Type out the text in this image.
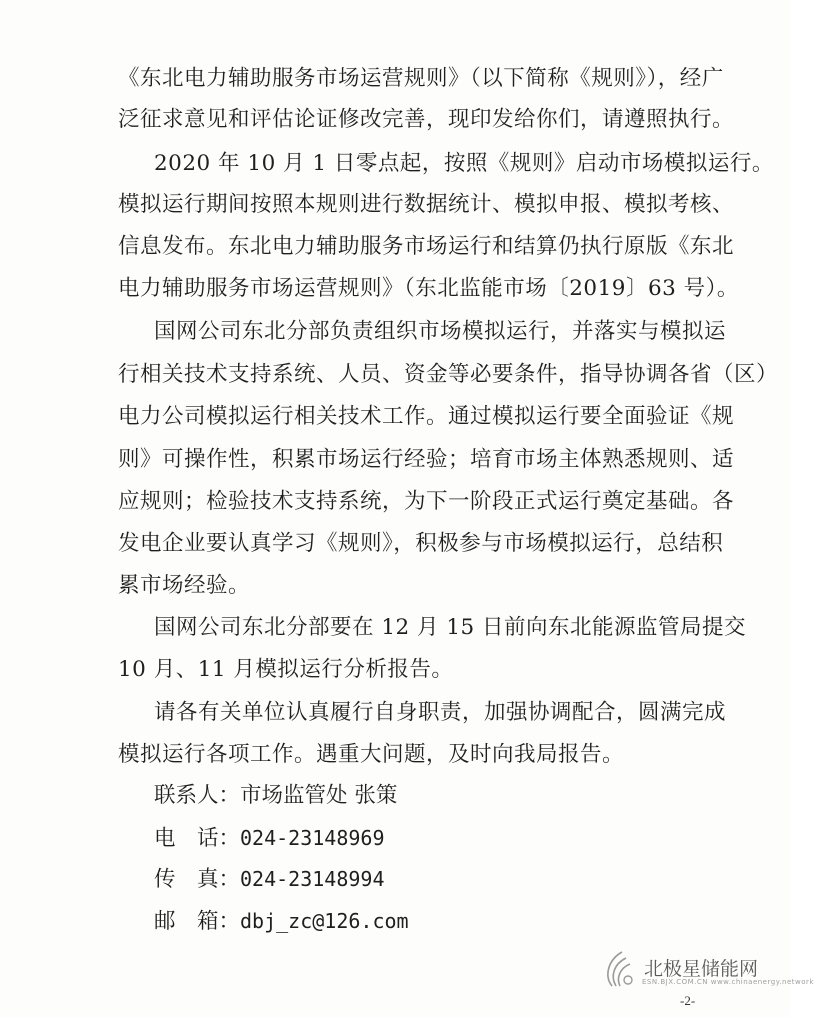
《东北电力辅助服务市场运营规则》（以下简称《规则》），经广
泛征求意见和评估论证修改完善，现印发给你们，请遵照执行。
2020 年 10 月 1 日零点起，按照《规则》启动市场模拟运行。
模拟运行期间按照本规则进行数据统计、模拟申报、模拟考核、
信息发布。东北电力辅助服务市场运行和结算仍执行原版《东北
电力辅助服务市场运营规则》（东北监能市场〔2019〕63 号）。
国网公司东北分部负责组织市场模拟运行，并落实与模拟运
行相关技术支持系统、人员、资金等必要条件，指导协调各省（区）
电力公司模拟运行相关技术工作。通过模拟运行要全面验证《规
则》可操作性，积累市场运行经验；培育市场主体熟悉规则、适
应规则；检验技术支持系统，为下一阶段正式运行奠定基础。各
发电企业要认真学习《规则》，积极参与市场模拟运行，总结积
累市场经验。
国网公司东北分部要在 12 月 15 日前向东北能源监管局提交
10 月、11 月模拟运行分析报告。
请各有关单位认真履行自身职责，加强协调配合，圆满完成
模拟运行各项工作。遇重大问题，及时向我局报告。
联系人：市场监管处 张策
电　话：024-23148969
传　真：024-23148994
邮　箱：dbj_zc@126.com
北极星储能网
ESN.BJX.COM.CN www.chinaenergy.network
-2-
